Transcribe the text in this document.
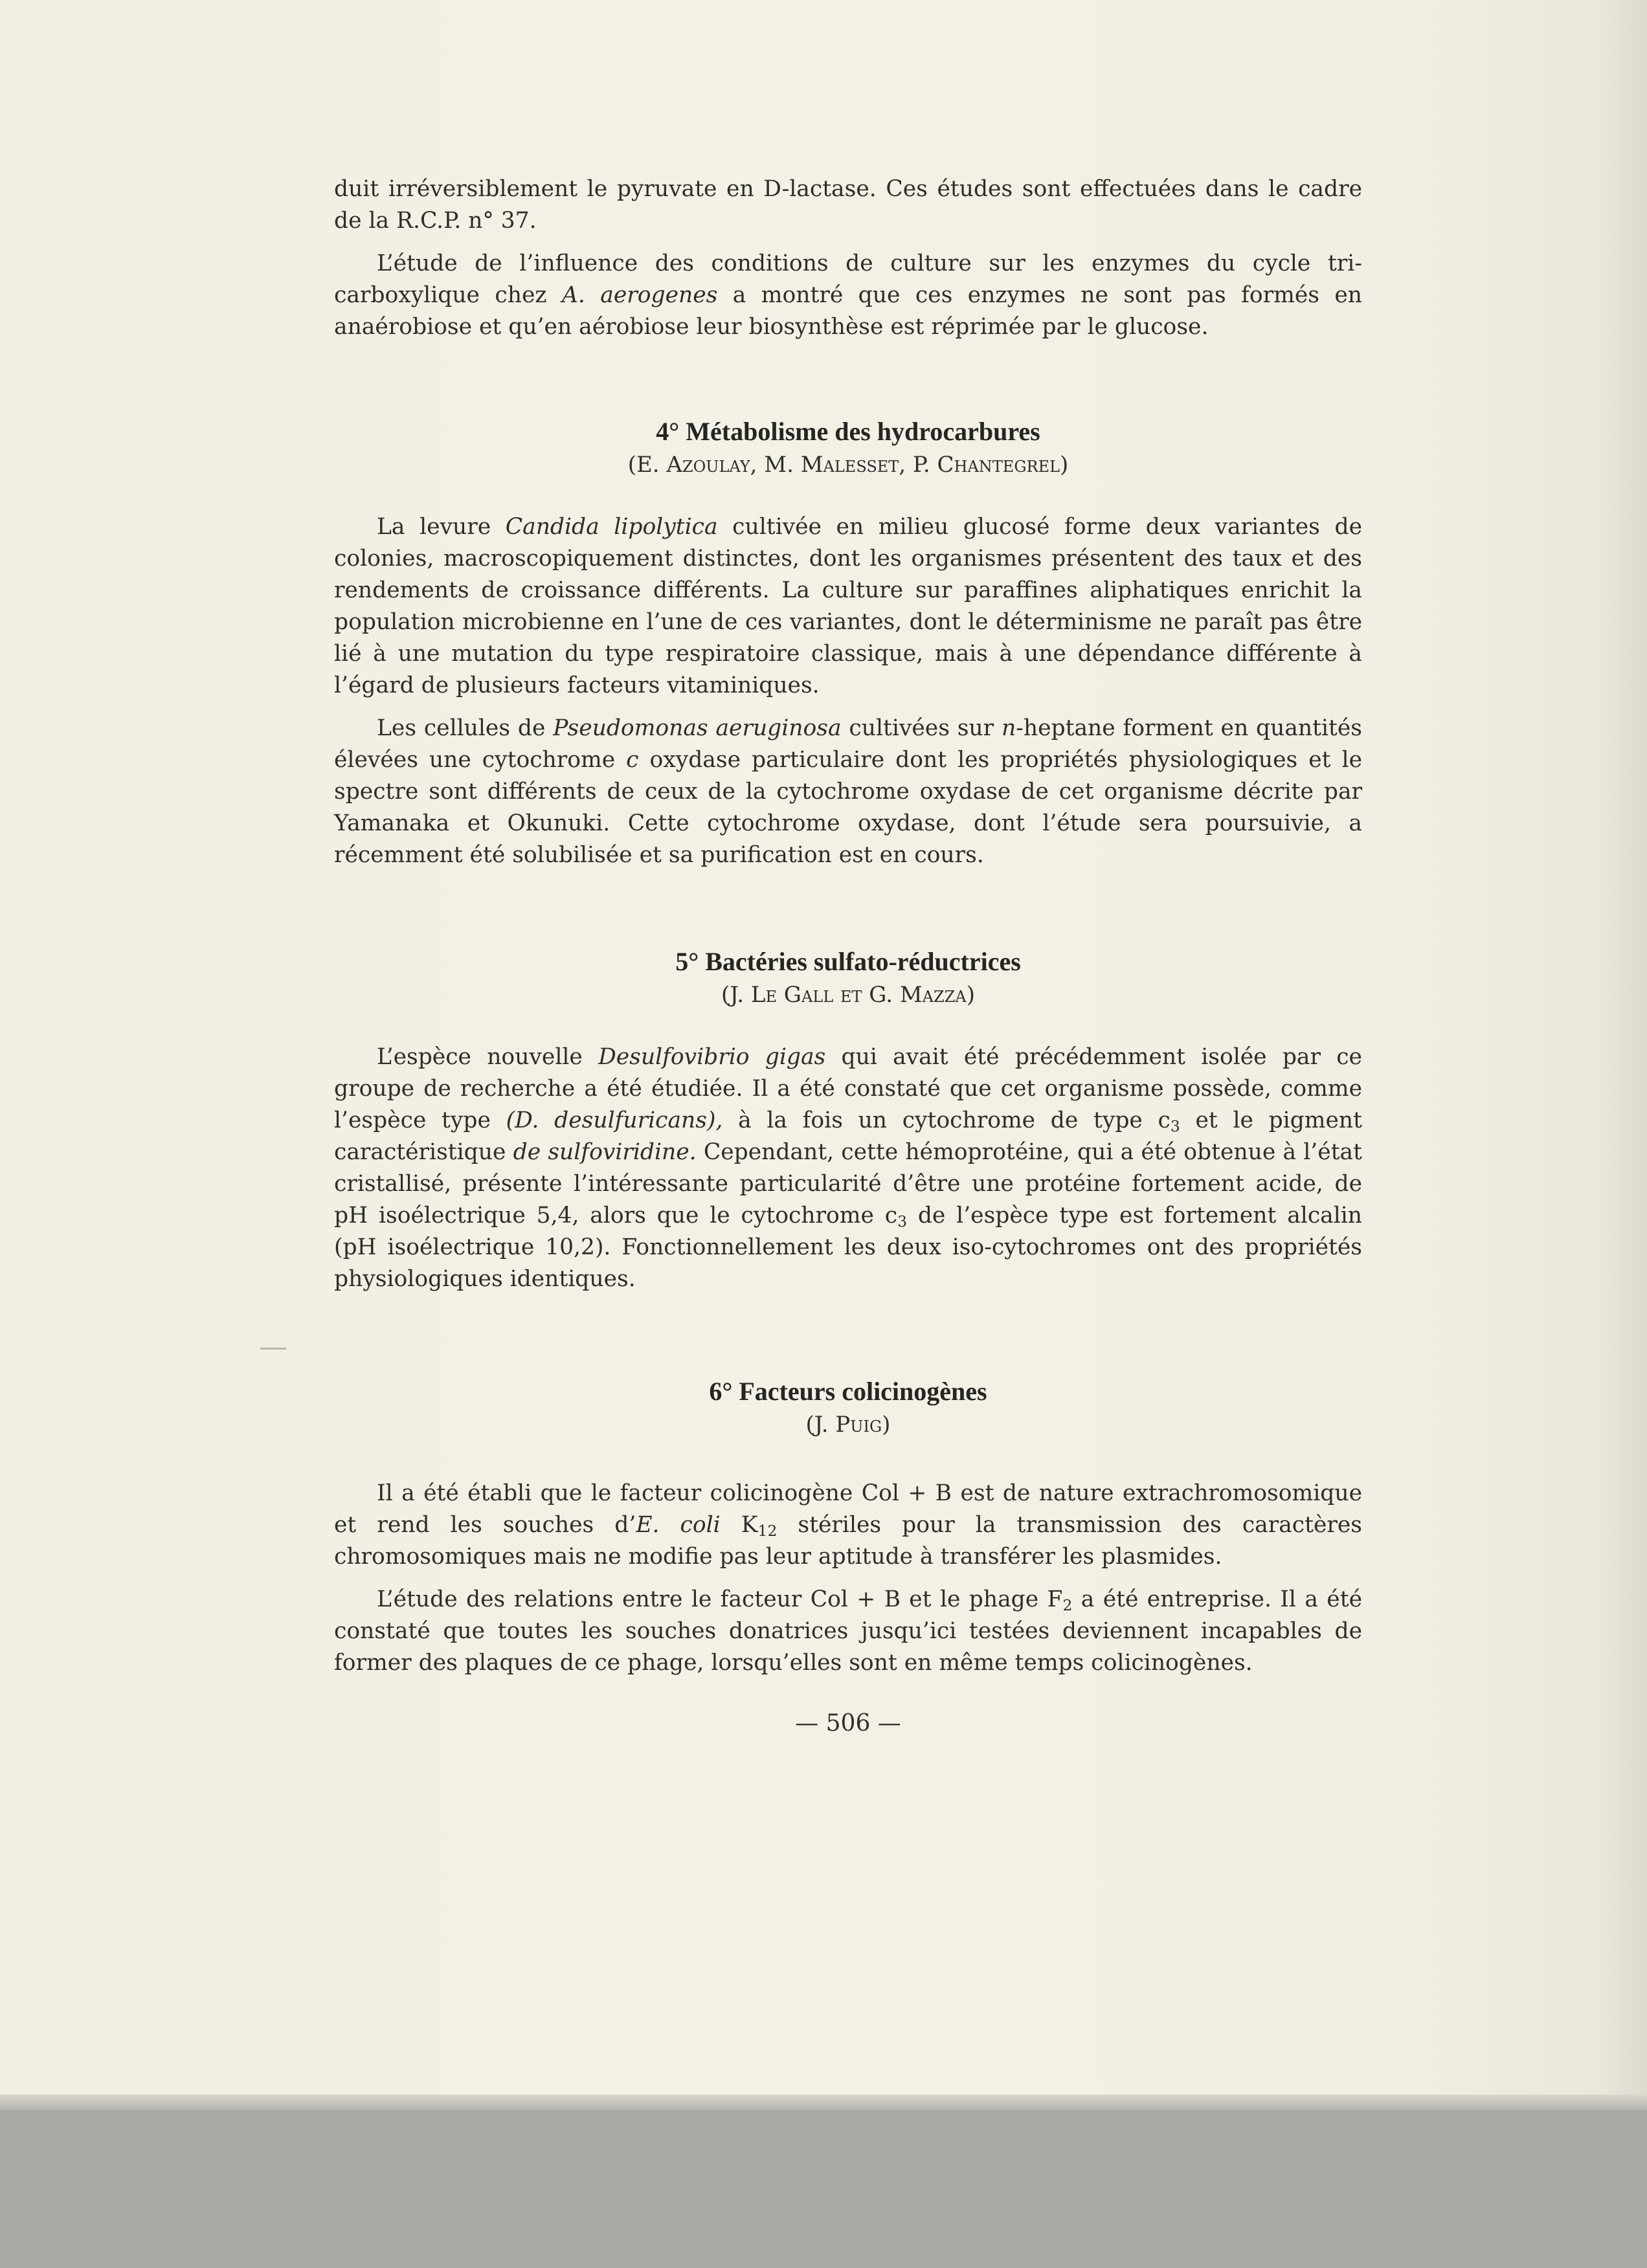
duit irréversiblement le pyruvate en D-lactase. Ces études sont effectuées dans le cadre de la R.C.P. n° 37.

L’étude de l’influence des conditions de culture sur les enzymes du cycle tri-carboxylique chez A. aerogenes a montré que ces enzymes ne sont pas formés en anaérobiose et qu’en aérobiose leur biosynthèse est réprimée par le glucose.

4° Métabolisme des hydrocarbures
(E. Azoulay, M. Malesset, P. Chantegrel)

La levure Candida lipolytica cultivée en milieu glucosé forme deux variantes de colonies, macroscopiquement distinctes, dont les organismes présentent des taux et des rendements de croissance différents. La culture sur paraffines aliphatiques enrichit la population microbienne en l’une de ces variantes, dont le déterminisme ne paraît pas être lié à une mutation du type respiratoire classique, mais à une dépendance différente à l’égard de plusieurs facteurs vitaminiques.

Les cellules de Pseudomonas aeruginosa cultivées sur n-heptane forment en quantités élevées une cytochrome c oxydase particulaire dont les propriétés physiologiques et le spectre sont différents de ceux de la cytochrome oxydase de cet organisme décrite par Yamanaka et Okunuki. Cette cytochrome oxydase, dont l’étude sera poursuivie, a récemment été solubilisée et sa purification est en cours.

5° Bactéries sulfato-réductrices
(J. Le Gall et G. Mazza)

L’espèce nouvelle Desulfovibrio gigas qui avait été précédemment isolée par ce groupe de recherche a été étudiée. Il a été constaté que cet organisme possède, comme l’espèce type (D. desulfuricans), à la fois un cytochrome de type $c_3$ et le pigment caractéristique de sulfoviridine. Cependant, cette hémoprotéine, qui a été obtenue à l’état cristallisé, présente l’intéressante particularité d’être une protéine fortement acide, de pH isoélectrique 5,4, alors que le cytochrome $c_3$ de l’espèce type est fortement alcalin (pH isoélectrique 10,2). Fonctionnellement les deux iso-cytochromes ont des propriétés physiologiques identiques.

6° Facteurs colicinogènes
(J. Puig)

Il a été établi que le facteur colicinogène Col + B est de nature extrachromosomique et rend les souches d’E. coli $K_{12}$ stériles pour la transmission des caractères chromosomiques mais ne modifie pas leur aptitude à transférer les plasmides.

L’étude des relations entre le facteur Col + B et le phage $F_2$ a été entreprise. Il a été constaté que toutes les souches donatrices jusqu’ici testées deviennent incapables de former des plaques de ce phage, lorsqu’elles sont en même temps colicinogènes.

— 506 —
